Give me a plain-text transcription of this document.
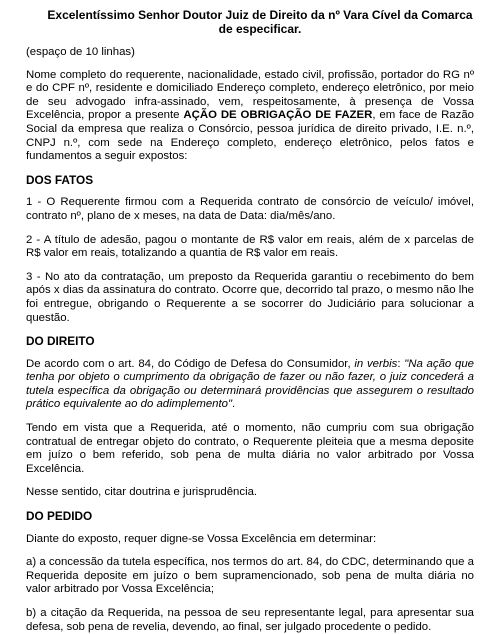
Excelentíssimo Senhor Doutor Juiz de Direito da nº Vara Cível da Comarca
de especificar.

(espaço de 10 linhas)

Nome completo do requerente, nacionalidade, estado civil, profissão, portador do RG nº e do CPF nº, residente e domiciliado Endereço completo, endereço eletrônico, por meio de seu advogado infra-assinado, vem, respeitosamente, à presença de Vossa Excelência, propor a presente AÇÃO DE OBRIGAÇÃO DE FAZER, em face de Razão Social da empresa que realiza o Consórcio, pessoa jurídica de direito privado, I.E. n.º, CNPJ n.º, com sede na Endereço completo, endereço eletrônico, pelos fatos e fundamentos a seguir expostos:

DOS FATOS

1 - O Requerente firmou com a Requerida contrato de consórcio de veículo/ imóvel, contrato nº, plano de x meses, na data de Data: dia/mês/ano.

2 - A título de adesão, pagou o montante de R$ valor em reais, além de x parcelas de R$ valor em reais, totalizando a quantia de R$ valor em reais.

3 - No ato da contratação, um preposto da Requerida garantiu o recebimento do bem após x dias da assinatura do contrato. Ocorre que, decorrido tal prazo, o mesmo não lhe foi entregue, obrigando o Requerente a se socorrer do Judiciário para solucionar a questão.

DO DIREITO

De acordo com o art. 84, do Código de Defesa do Consumidor, in verbis: "Na ação que tenha por objeto o cumprimento da obrigação de fazer ou não fazer, o juiz concederá a tutela específica da obrigação ou determinará providências que assegurem o resultado prático equivalente ao do adimplemento".

Tendo em vista que a Requerida, até o momento, não cumpriu com sua obrigação contratual de entregar objeto do contrato, o Requerente pleiteia que a mesma deposite em juízo o bem referido, sob pena de multa diária no valor arbitrado por Vossa Excelência.

Nesse sentido, citar doutrina e jurisprudência.

DO PEDIDO

Diante do exposto, requer digne-se Vossa Excelência em determinar:

a) a concessão da tutela específica, nos termos do art. 84, do CDC, determinando que a Requerida deposite em juízo o bem supramencionado, sob pena de multa diária no valor arbitrado por Vossa Excelência;

b) a citação da Requerida, na pessoa de seu representante legal, para apresentar sua defesa, sob pena de revelia, devendo, ao final, ser julgado procedente o pedido.
